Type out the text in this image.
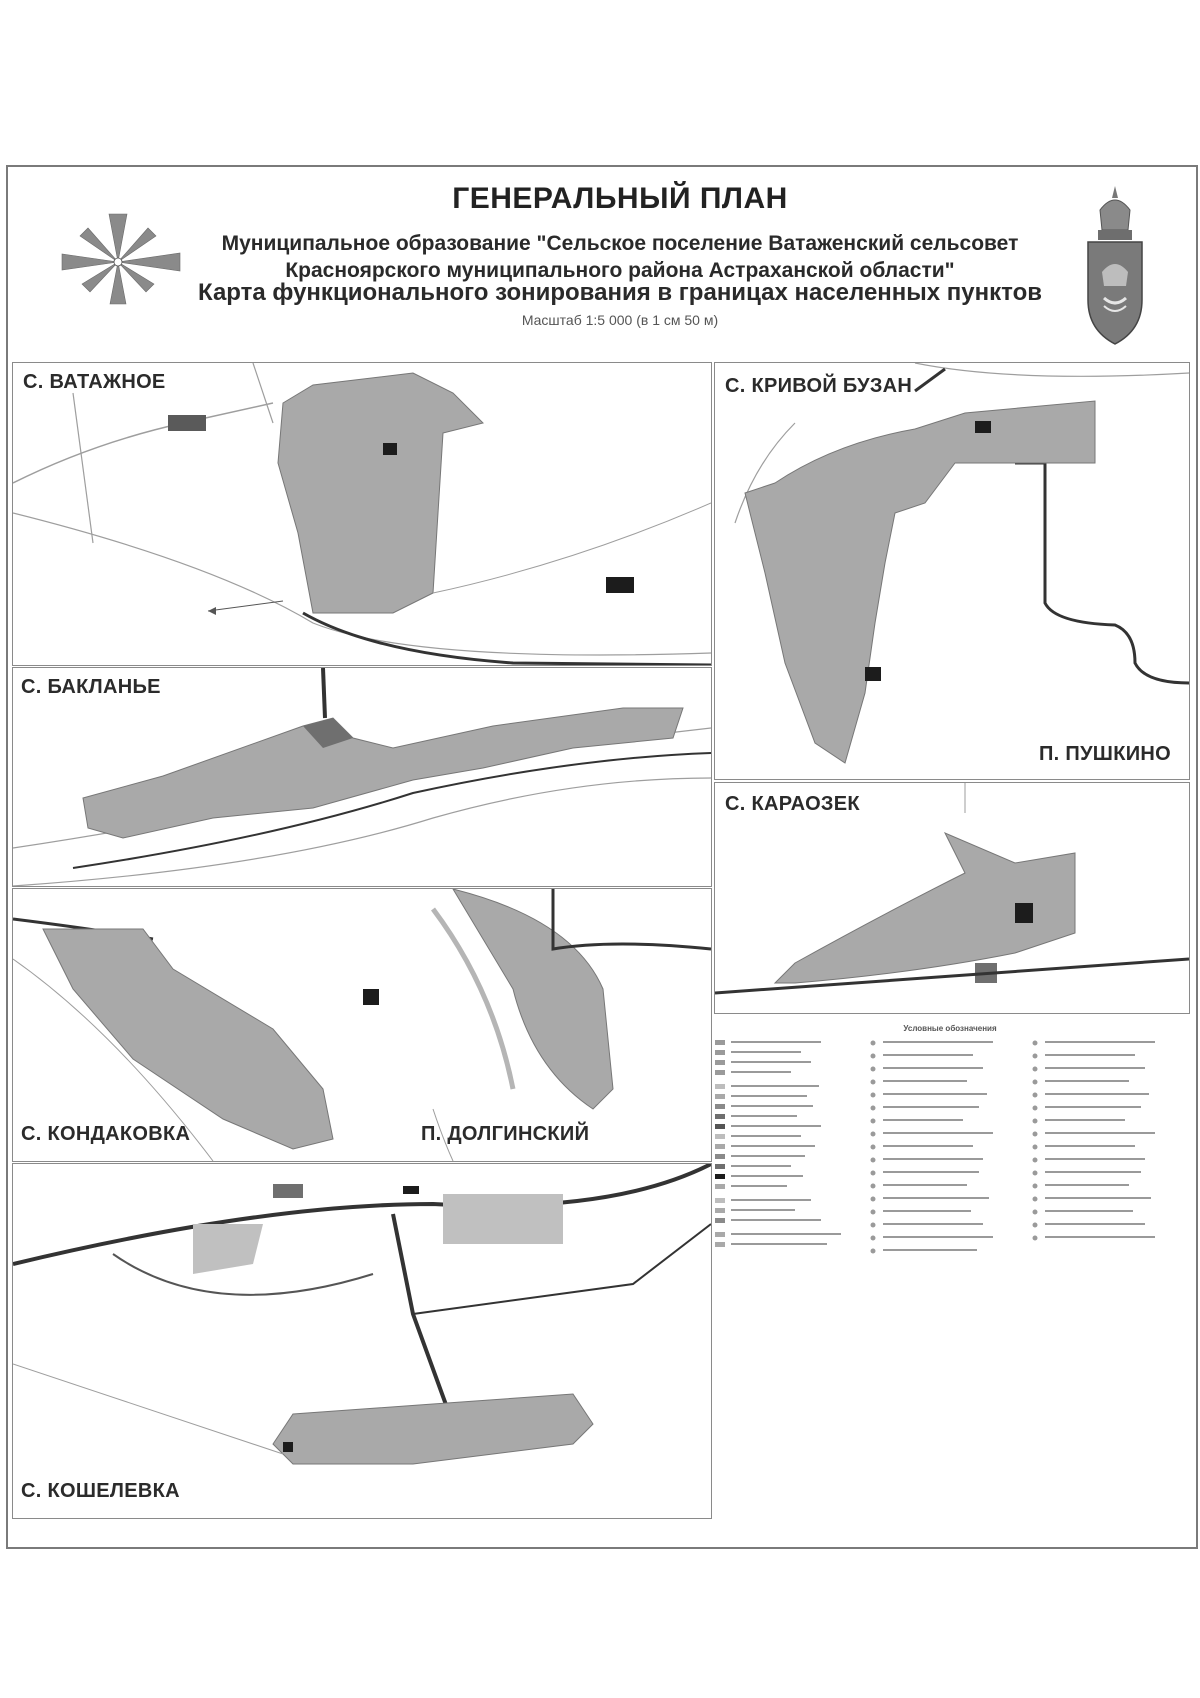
ГЕНЕРАЛЬНЫЙ ПЛАН
Муниципальное образование "Сельское поселение Ватаженский сельсовет
Красноярского муниципального района Астраханской области"
Карта функционального зонирования в границах населенных пунктов
Масштаб 1:5 000 (в 1 см 50 м)
С. ВАТАЖНОЕ	С. КРИВОЙ БУЗАН
П. ПУШКИНО
С. БАКЛАНЬЕ
С. КАРАОЗЕК
С. КОНДАКОВКА	П. ДОЛГИНСКИЙ
С. КОШЕЛЕВКА
Условные обозначения
